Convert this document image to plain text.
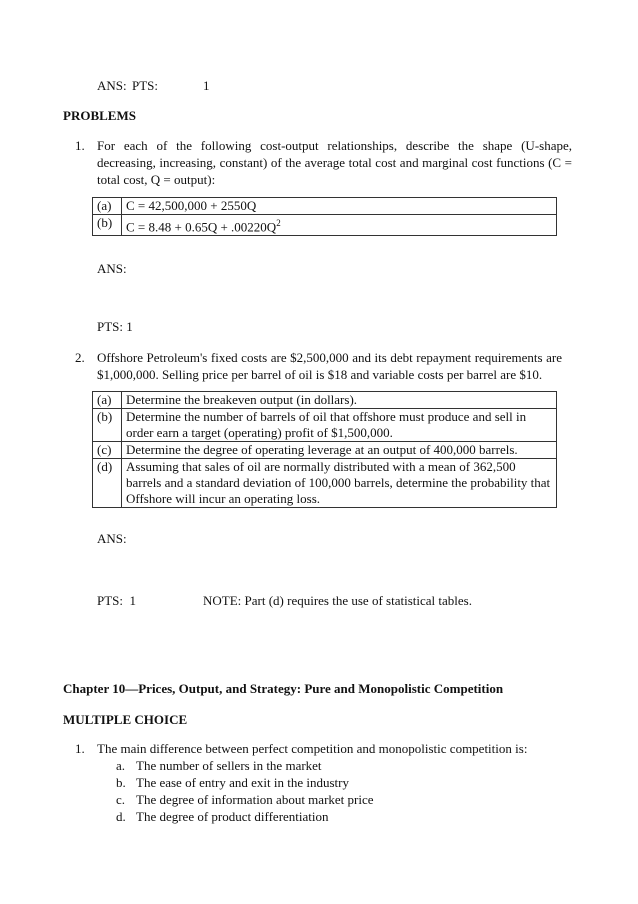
ANS: PTS:	1
PROBLEMS
1. For each of the following cost-output relationships, describe the shape (U-shape, decreasing, increasing, constant) of the average total cost and marginal cost functions (C = total cost, Q = output):
(a)	C = 42,500,000 + 2550Q
(b)	$C = 8.48 + 0.65Q + .00220Q^2$
ANS:
PTS: 1
2. Offshore Petroleum's fixed costs are $2,500,000 and its debt repayment requirements are $1,000,000. Selling price per barrel of oil is $18 and variable costs per barrel are $10.
(a)	Determine the breakeven output (in dollars).
(b)	Determine the number of barrels of oil that offshore must produce and sell in order earn a target (operating) profit of $1,500,000.
(c)	Determine the degree of operating leverage at an output of 400,000 barrels.
(d)	Assuming that sales of oil are normally distributed with a mean of 362,500 barrels and a standard deviation of 100,000 barrels, determine the probability that Offshore will incur an operating loss.
ANS:
PTS:  1	NOTE: Part (d) requires the use of statistical tables.
Chapter 10—Prices, Output, and Strategy: Pure and Monopolistic Competition
MULTIPLE CHOICE
1. The main difference between perfect competition and monopolistic competition is:
a. The number of sellers in the market
b. The ease of entry and exit in the industry
c. The degree of information about market price
d. The degree of product differentiation
